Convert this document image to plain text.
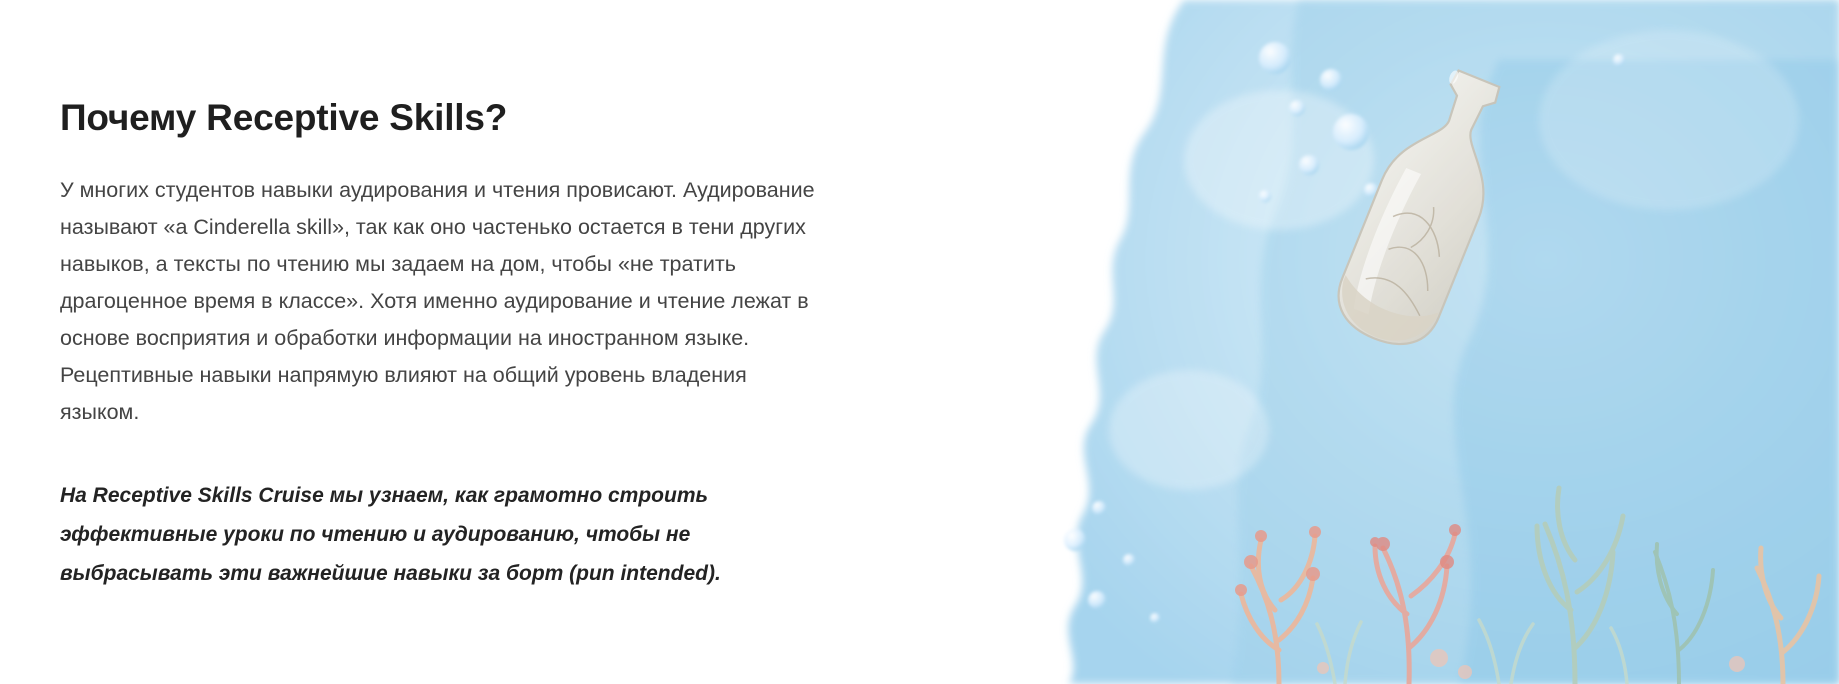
Почему Receptive Skills?

У многих студентов навыки аудирования и чтения провисают. Аудирование называют «a Cinderella skill», так как оно частенько остается в тени других навыков, а тексты по чтению мы задаем на дом, чтобы «не тратить драгоценное время в классе». Хотя именно аудирование и чтение лежат в основе восприятия и обработки информации на иностранном языке. Рецептивные навыки напрямую влияют на общий уровень владения языком.

На Receptive Skills Cruise мы узнаем, как грамотно строить эффективные уроки по чтению и аудированию, чтобы не выбрасывать эти важнейшие навыки за борт (pun intended).
